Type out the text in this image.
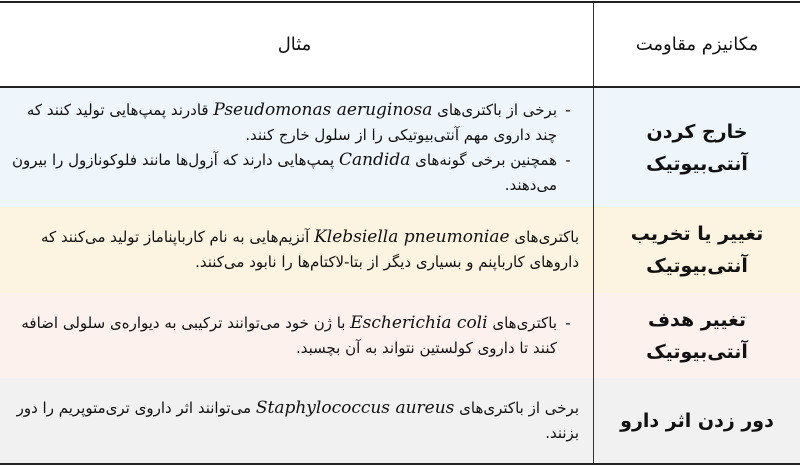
مکانیزم مقاومت
مثال
خارج کردن
آنتی‌بیوتیک
-
برخی از باکتری‌های Pseudomonas aeruginosa قادرند پمپ‌هایی تولید کنند که چند داروی مهم آنتی‌بیوتیکی را از سلول خارج کنند.
-
همچنین برخی گونه‌های Candida پمپ‌هایی دارند که آزول‌ها مانند فلوکونازول را بیرون می‌دهند.
تغییر یا تخریب
آنتی‌بیوتیک
باکتری‌های Klebsiella pneumoniae آنزیم‌هایی به نام کارباپناماز تولید می‌کنند که داروهای کارباپنم و بسیاری دیگر از بتا-لاکتام‌ها را نابود می‌کنند.
تغییر هدف
آنتی‌بیوتیک
-
باکتری‌های Escherichia coli با ژن خود می‌توانند ترکیبی به دیواره‌ی سلولی اضافه کنند تا داروی کولستین نتواند به آن بچسبد.
دور زدن اثر دارو
برخی از باکتری‌های Staphylococcus aureus می‌توانند اثر داروی تری‌متوپریم را دور بزنند.
